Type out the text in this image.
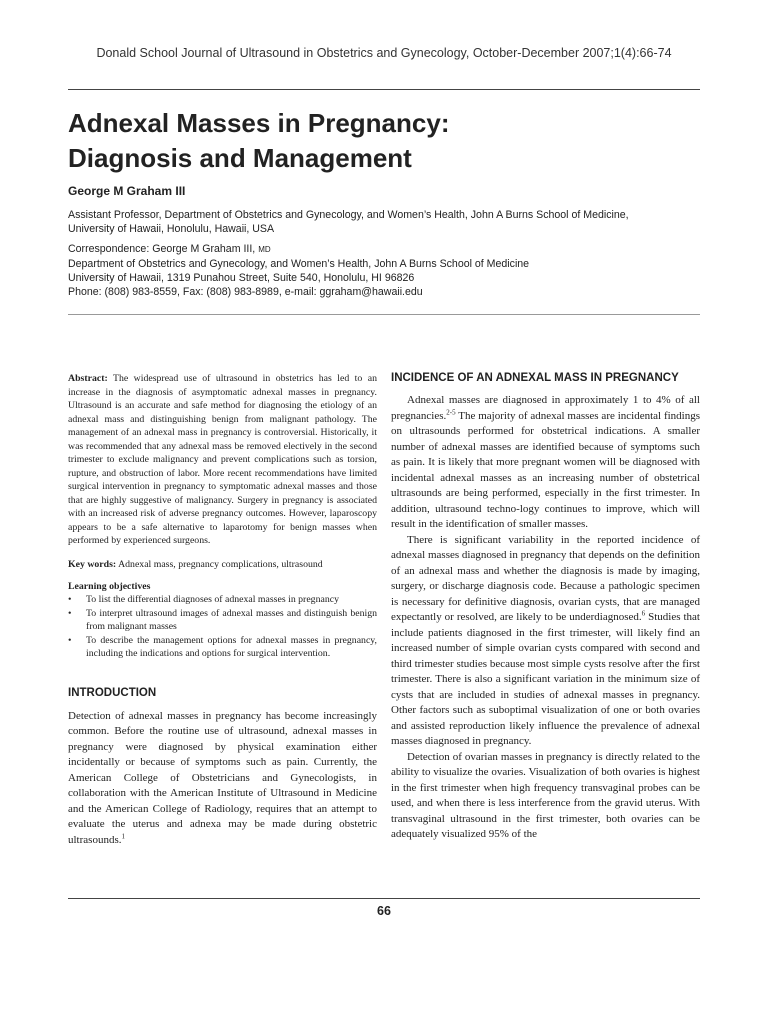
Donald School Journal of Ultrasound in Obstetrics and Gynecology, October-December 2007;1(4):66-74
Adnexal Masses in Pregnancy:
Diagnosis and Management
George M Graham III
Assistant Professor, Department of Obstetrics and Gynecology, and Women’s Health, John A Burns School of Medicine,
University of Hawaii, Honolulu, Hawaii, USA
Correspondence: George M Graham III, MD
Department of Obstetrics and Gynecology, and Women’s Health, John A Burns School of Medicine
University of Hawaii, 1319 Punahou Street, Suite 540, Honolulu, HI 96826
Phone: (808) 983-8559, Fax: (808) 983-8989, e-mail: ggraham@hawaii.edu

Abstract: The widespread use of ultrasound in obstetrics has led to an increase in the diagnosis of asymptomatic adnexal masses in pregnancy. Ultrasound is an accurate and safe method for diagnosing the etiology of an adnexal mass and distinguishing benign from malignant pathology. The management of an adnexal mass in pregnancy is controversial. Historically, it was recommended that any adnexal mass be removed electively in the second trimester to exclude malignancy and prevent complications such as torsion, rupture, and obstruction of labor. More recent recommendations have limited surgical intervention in pregnancy to symptomatic adnexal masses and those that are highly suggestive of malignancy. Surgery in pregnancy is associated with an increased risk of adverse pregnancy outcomes. However, laparoscopy appears to be a safe alternative to laparotomy for benign masses when performed by experienced surgeons.

Key words: Adnexal mass, pregnancy complications, ultrasound

Learning objectives
• To list the differential diagnoses of adnexal masses in pregnancy
• To interpret ultrasound images of adnexal masses and distinguish benign from malignant masses
• To describe the management options for adnexal masses in pregnancy, including the indications and options for surgical intervention.
INTRODUCTION

Detection of adnexal masses in pregnancy has become increasingly common. Before the routine use of ultrasound, adnexal masses in pregnancy were diagnosed by physical examination either incidentally or because of symptoms such as pain. Currently, the American College of Obstetricians and Gynecologists, in collaboration with the American Institute of Ultrasound in Medicine and the American College of Radiology, requires that an attempt to evaluate the uterus and adnexa may be made during obstetric ultrasounds.$^1$

INCIDENCE OF AN ADNEXAL MASS IN PREGNANCY

Adnexal masses are diagnosed in approximately 1 to 4% of all pregnancies.$^{2-5}$ The majority of adnexal masses are incidental findings on ultrasounds performed for obstetrical indications. A smaller number of adnexal masses are identified because of symptoms such as pain. It is likely that more pregnant women will be diagnosed with incidental adnexal masses as an increasing number of obstetrical ultrasounds are being performed, especially in the first trimester. In addition, ultrasound techno-logy continues to improve, which will result in the identification of smaller masses.

There is significant variability in the reported incidence of adnexal masses diagnosed in pregnancy that depends on the definition of an adnexal mass and whether the diagnosis is made by imaging, surgery, or discharge diagnosis code. Because a pathologic specimen is necessary for definitive diagnosis, ovarian cysts, that are managed expectantly or resolved, are likely to be underdiagnosed.$^6$ Studies that include patients diagnosed in the first trimester, will likely find an increased number of simple ovarian cysts compared with second and third trimester studies because most simple cysts resolve after the first trimester. There is also a significant variation in the minimum size of cysts that are included in studies of adnexal masses in pregnancy. Other factors such as suboptimal visualization of one or both ovaries and assisted reproduction likely influence the prevalence of adnexal masses diagnosed in pregnancy.

Detection of ovarian masses in pregnancy is directly related to the ability to visualize the ovaries. Visualization of both ovaries is highest in the first trimester when high frequency transvaginal probes can be used, and when there is less interference from the gravid uterus. With transvaginal ultrasound in the first trimester, both ovaries can be adequately visualized 95% of the

66
